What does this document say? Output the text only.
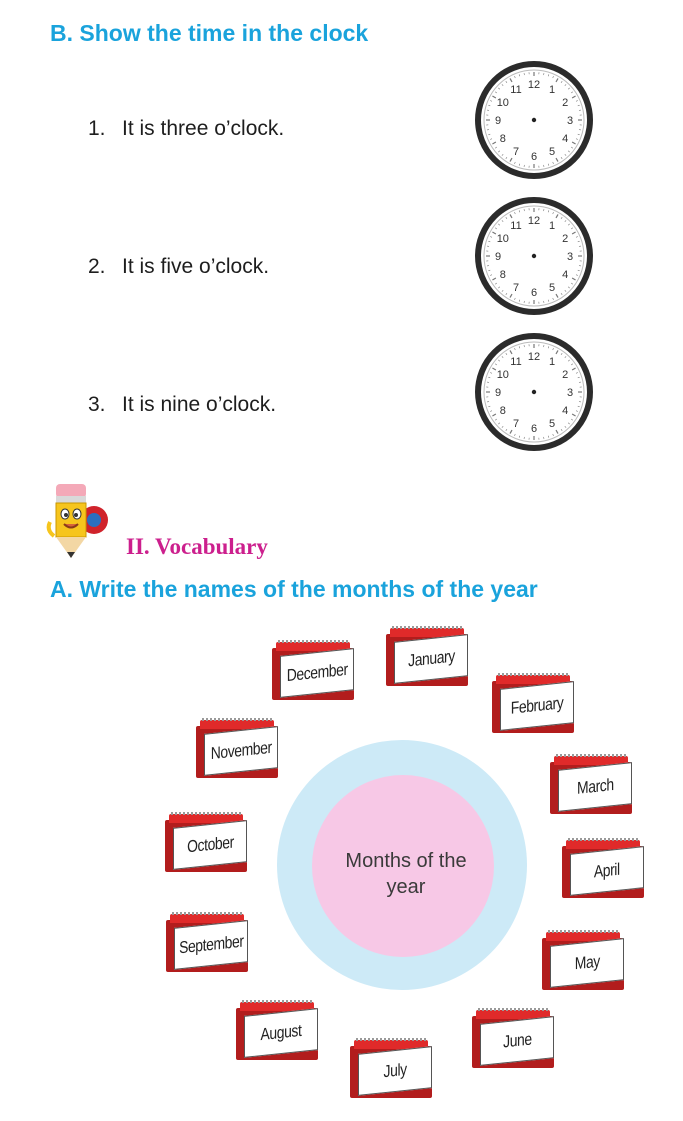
B. Show the time in the clock
1. It is three o’clock.
2. It is five o’clock.
3. It is nine o’clock.
12 1
2
3
4
5
6
7
8
9
10
11
12 1
2
3
4
5
6
7
8
9
10
11
12 1
2
3
4
5
6
7
8
9
10
11
II. Vocabulary
A. Write the names of the months of the year
Months of the
year
January
February
March
April
May
June
July
August
September
October
November
December
